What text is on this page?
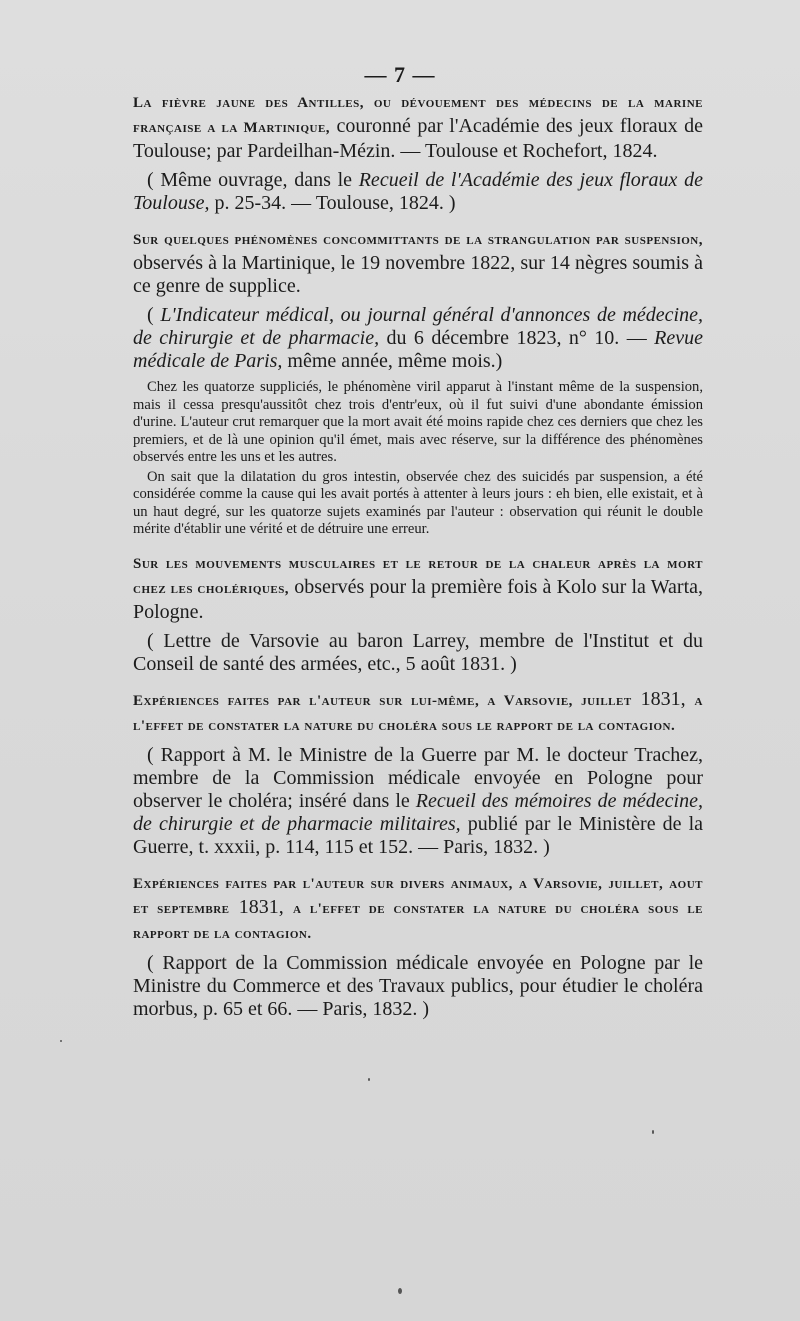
— 7 —
La fièvre jaune des Antilles, ou dévouement des médecins de la marine française a la Martinique, couronné par l'Académie des jeux floraux de Toulouse; par Pardeilhan-Mézin. — Toulouse et Rochefort, 1824.
( Même ouvrage, dans le Recueil de l'Académie des jeux floraux de Toulouse, p. 25-34. — Toulouse, 1824. )
Sur quelques phénomènes concommittants de la strangulation par suspension, observés à la Martinique, le 19 novembre 1822, sur 14 nègres soumis à ce genre de supplice.
( L'Indicateur médical, ou journal général d'annonces de médecine, de chirurgie et de pharmacie, du 6 décembre 1823, n° 10. — Revue médicale de Paris, même année, même mois.)

Chez les quatorze suppliciés, le phénomène viril apparut à l'instant même de la suspension, mais il cessa presqu'aussitôt chez trois d'entr'eux, où il fut suivi d'une abondante émission d'urine. L'auteur crut remarquer que la mort avait été moins rapide chez ces derniers que chez les premiers, et de là une opinion qu'il émet, mais avec réserve, sur la différence des phénomènes observés entre les uns et les autres.

On sait que la dilatation du gros intestin, observée chez des suicidés par suspension, a été considérée comme la cause qui les avait portés à attenter à leurs jours : eh bien, elle existait, et à un haut degré, sur les quatorze sujets examinés par l'auteur : observation qui réunit le double mérite d'établir une vérité et de détruire une erreur.

Sur les mouvements musculaires et le retour de la chaleur après la mort chez les cholériques, observés pour la première fois à Kolo sur la Warta, Pologne.
( Lettre de Varsovie au baron Larrey, membre de l'Institut et du Conseil de santé des armées, etc., 5 août 1831. )
Expériences faites par l'auteur sur lui-même, a Varsovie, juillet 1831, a l'effet de constater la nature du choléra sous le rapport de la contagion.
( Rapport à M. le Ministre de la Guerre par M. le docteur Trachez, membre de la Commission médicale envoyée en Pologne pour observer le choléra; inséré dans le Recueil des mémoires de médecine, de chirurgie et de pharmacie militaires, publié par le Ministère de la Guerre, t. xxxii, p. 114, 115 et 152. — Paris, 1832. )
Expériences faites par l'auteur sur divers animaux, a Varsovie, juillet, aout et septembre 1831, a l'effet de constater la nature du choléra sous le rapport de la contagion.
( Rapport de la Commission médicale envoyée en Pologne par le Ministre du Commerce et des Travaux publics, pour étudier le choléra morbus, p. 65 et 66. — Paris, 1832. )
